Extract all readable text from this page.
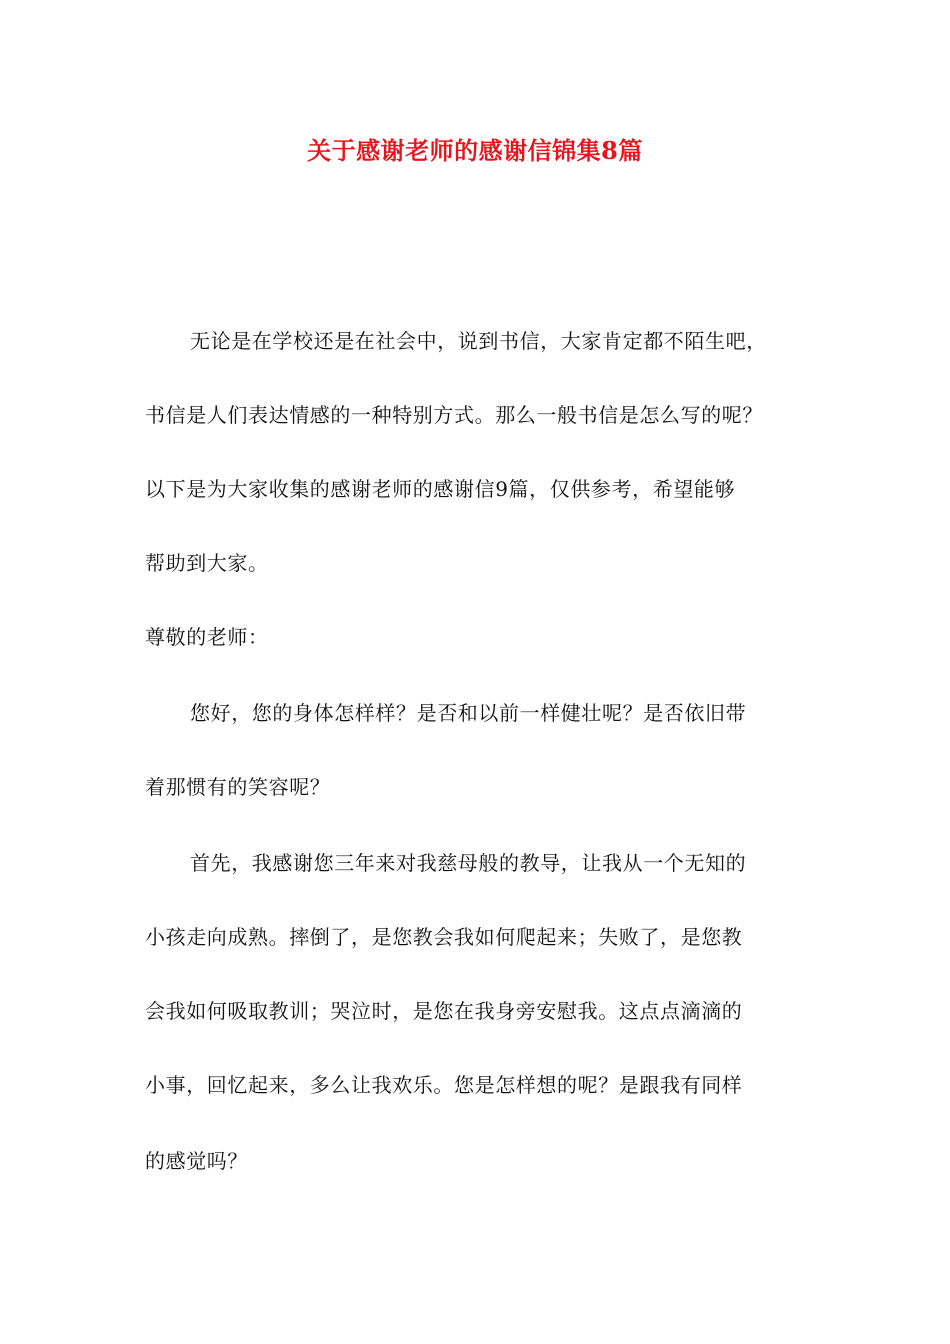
关于感谢老师的感谢信锦集8篇

无论是在学校还是在社会中，说到书信，大家肯定都不陌生吧，

书信是人们表达情感的一种特别方式。那么一般书信是怎么写的呢？

以下是为大家收集的感谢老师的感谢信9篇，仅供参考，希望能够

帮助到大家。

尊敬的老师：

您好，您的身体怎样样？是否和以前一样健壮呢？是否依旧带

着那惯有的笑容呢？

首先，我感谢您三年来对我慈母般的教导，让我从一个无知的

小孩走向成熟。摔倒了，是您教会我如何爬起来；失败了，是您教

会我如何吸取教训；哭泣时，是您在我身旁安慰我。这点点滴滴的

小事，回忆起来，多么让我欢乐。您是怎样想的呢？是跟我有同样

的感觉吗？
